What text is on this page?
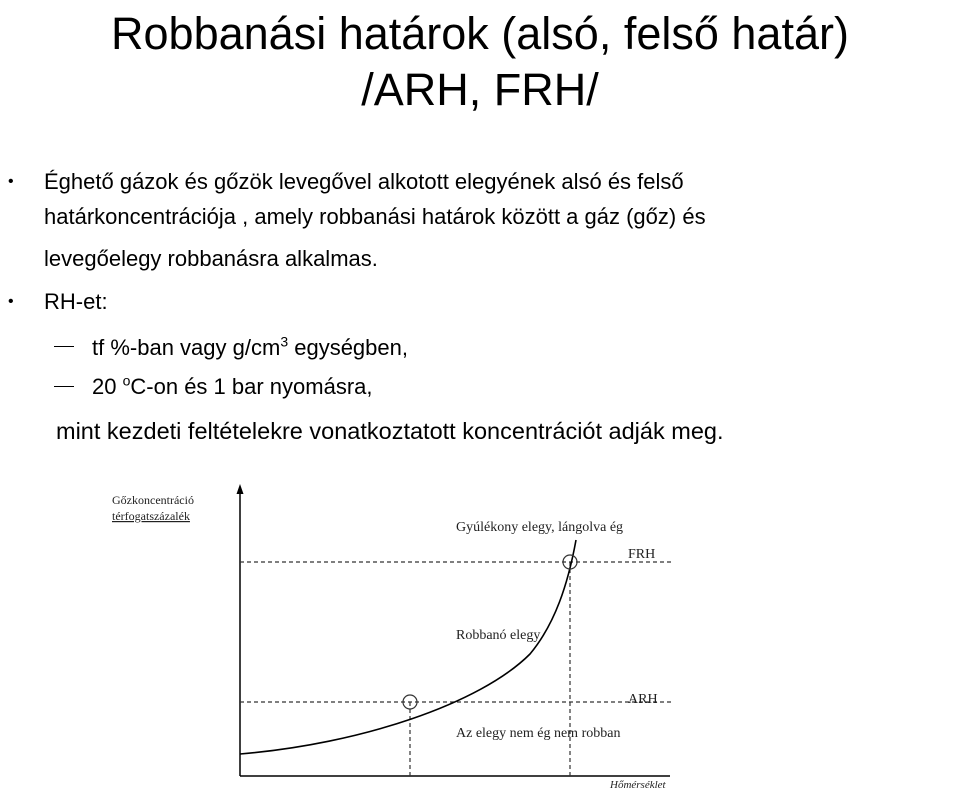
Robbanási határok (alsó, felső határ)
/ARH, FRH/
• Éghető gázok és gőzök levegővel alkotott elegyének alsó és felső
határkoncentrációja , amely robbanási határok között a gáz (gőz) és
levegőelegy robbanásra alkalmas.
• RH-et:
tf %-ban vagy $g/cm^3$ egységben,
20 $^o$C-on és 1 bar nyomásra,
mint kezdeti feltételekre vonatkoztatott koncentrációt adják meg.
Gőzkoncentráció
térfogatszázalék
Gyúlékony elegy, lángolva ég
FRH
Robbanó elegy
ARH
Az elegy nem ég nem robban
Hőmérséklet
